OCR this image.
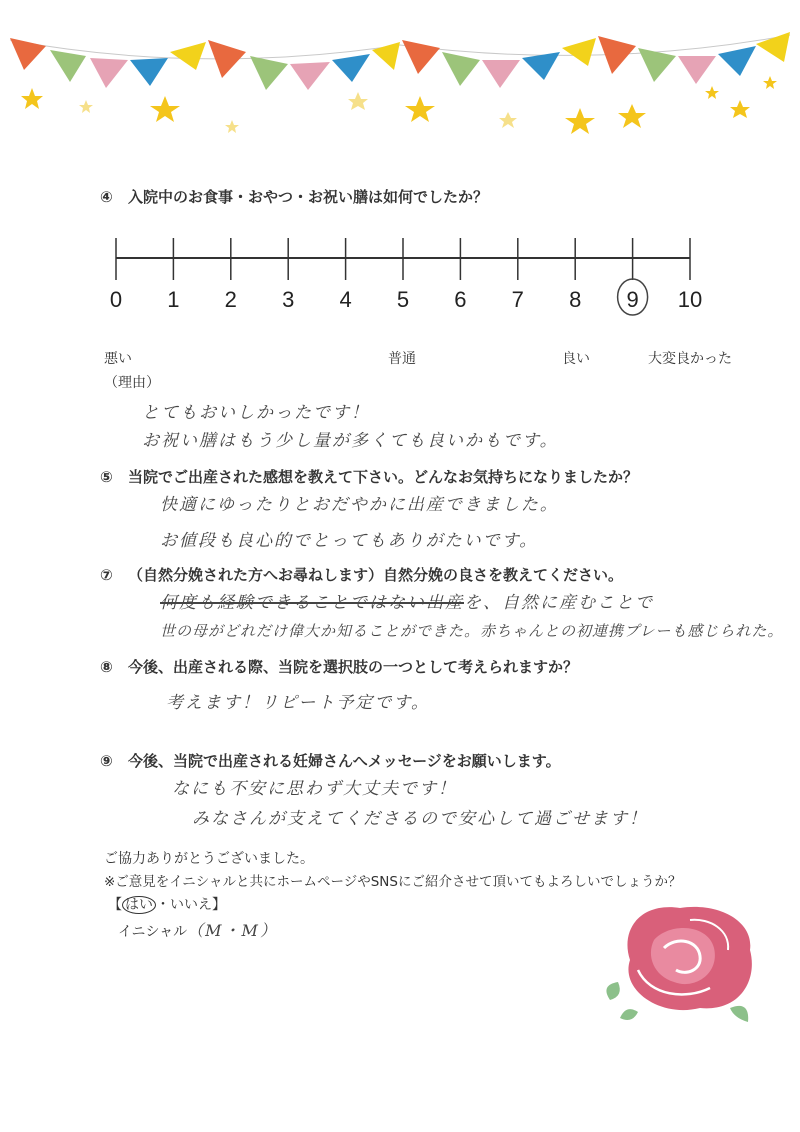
④ 入院中のお食事・おやつ・お祝い膳は如何でしたか？
0 1 2 3 4 5 6 7 8 9 10
悪い	普通	良い	大変良かった
（理由）
とてもおいしかったです！
お祝い膳はもう少し量が多くても良いかもです。
⑤ 当院でご出産された感想を教えて下さい。どんなお気持ちになりましたか？
快適にゆったりとおだやかに出産できました。
お値段も良心的でとってもありがたいです。
⑦ （自然分娩された方へお尋ねします）自然分娩の良さを教えてください。
何度も経験できることではない出産を、自然に産むことで
世の母がどれだけ偉大か知ることができた。赤ちゃんとの初連携プレーも感じられた。
⑧ 今後、出産される際、当院を選択肢の一つとして考えられますか？
考えます！リピート予定です。
⑨ 今後、当院で出産される妊婦さんへメッセージをお願いします。
なにも不安に思わず大丈夫です！
みなさんが支えてくださるので安心して過ごせます！
ご協力ありがとうございました。
※ご意見をイニシャルと共にホームページやSNSにご紹介させて頂いてもよろしいでしょうか？
【 はい ・いいえ】
イニシャル（M・M）
